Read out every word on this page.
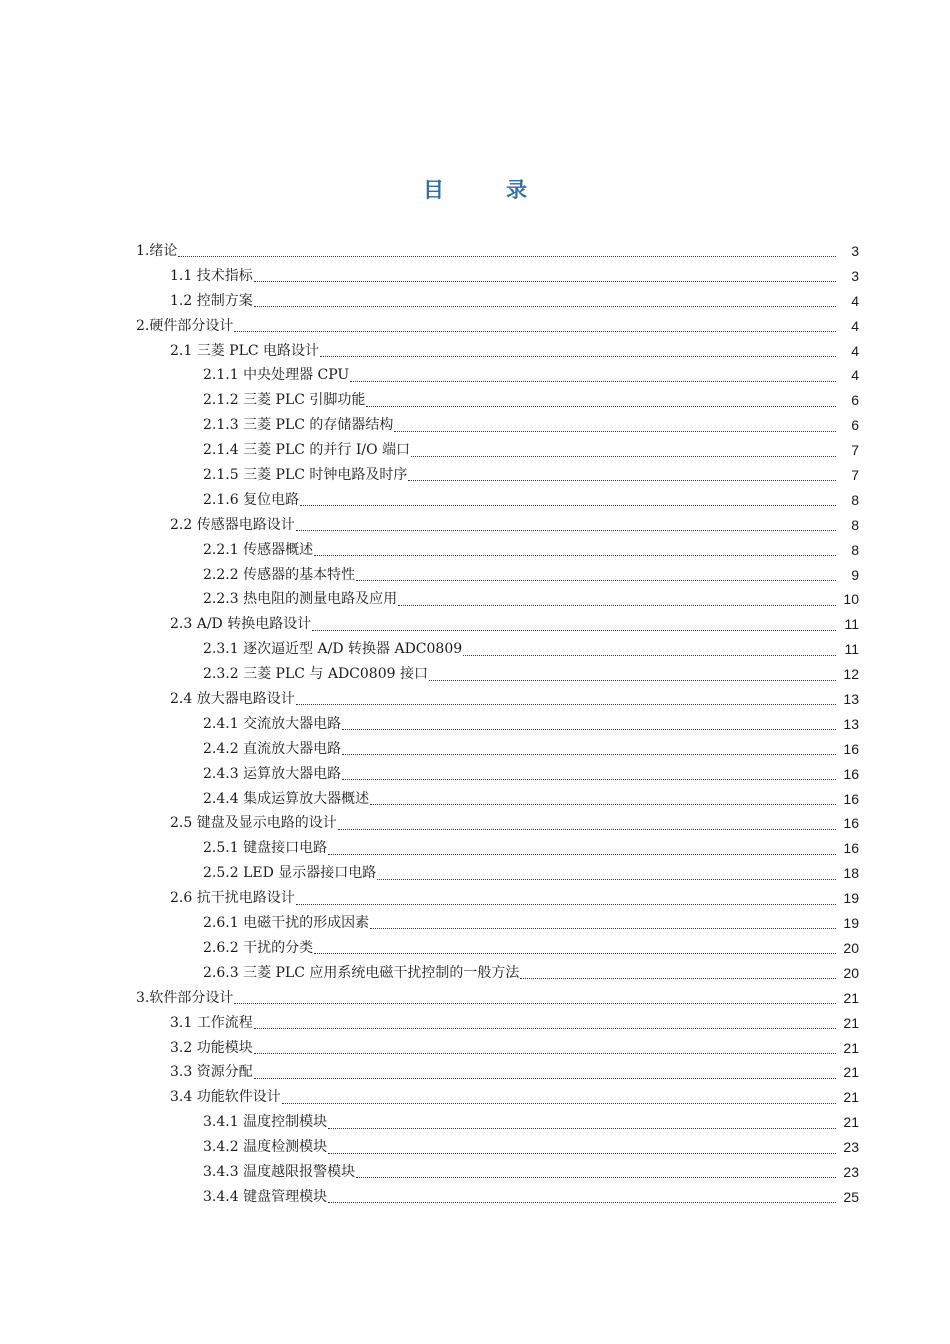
目	录
1.绪论	3
1.1 技术指标	3
1.2 控制方案	4
2.硬件部分设计	4
2.1 三菱 PLC 电路设计	4
2.1.1 中央处理器 CPU	4
2.1.2 三菱 PLC 引脚功能	6
2.1.3 三菱 PLC 的存储器结构	6
2.1.4 三菱 PLC 的并行 I/O 端口	7
2.1.5 三菱 PLC 时钟电路及时序	7
2.1.6 复位电路	8
2.2 传感器电路设计	8
2.2.1 传感器概述	8
2.2.2 传感器的基本特性	9
2.2.3 热电阻的测量电路及应用	10
2.3 A/D 转换电路设计	11
2.3.1 逐次逼近型 A/D 转换器 ADC0809	11
2.3.2 三菱 PLC 与 ADC0809 接口	12
2.4 放大器电路设计	13
2.4.1 交流放大器电路	13
2.4.2 直流放大器电路	16
2.4.3 运算放大器电路	16
2.4.4 集成运算放大器概述	16
2.5 键盘及显示电路的设计	16
2.5.1 键盘接口电路	16
2.5.2 LED 显示器接口电路	18
2.6 抗干扰电路设计	19
2.6.1 电磁干扰的形成因素	19
2.6.2 干扰的分类	20
2.6.3 三菱 PLC 应用系统电磁干扰控制的一般方法	20
3.软件部分设计	21
3.1 工作流程	21
3.2 功能模块	21
3.3 资源分配	21
3.4 功能软件设计	21
3.4.1 温度控制模块	21
3.4.2 温度检测模块	23
3.4.3 温度越限报警模块	23
3.4.4 键盘管理模块	25
